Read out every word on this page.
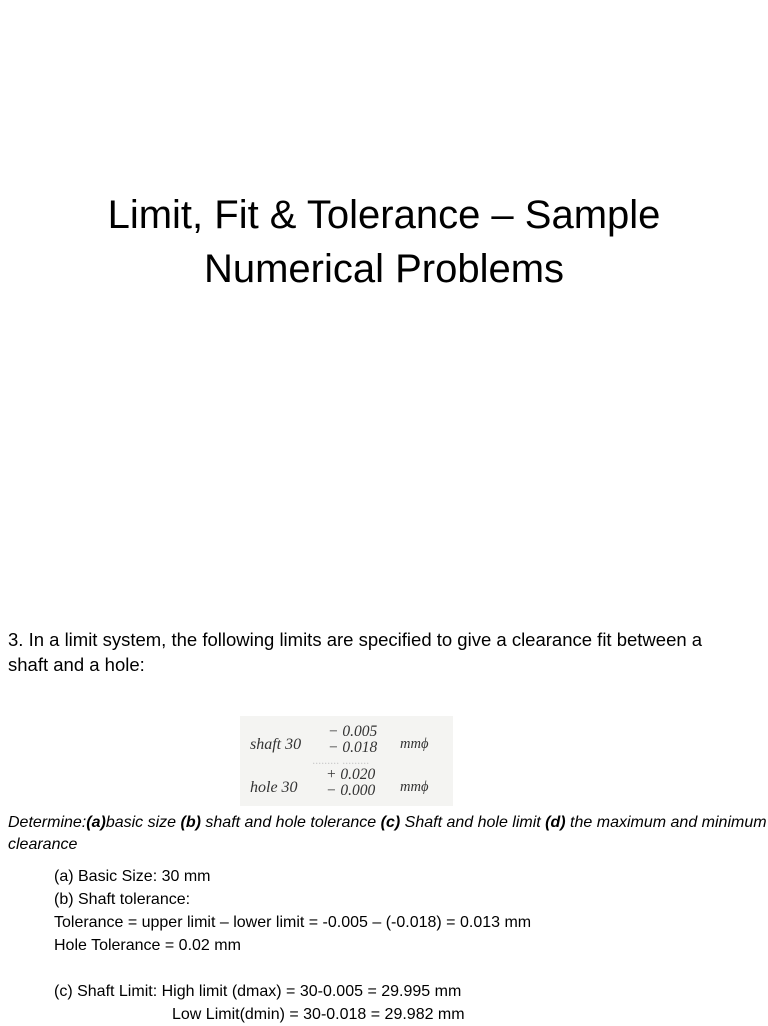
Limit, Fit & Tolerance – Sample
Numerical Problems
3. In a limit system, the following limits are specified to give a clearance fit between a
shaft and a hole:
shaft 30
− 0.005
− 0.018 mmϕ
········· ·········
hole 30
+ 0.020
− 0.000 mmϕ
Determine:(a)basic size (b) shaft and hole tolerance (c) Shaft and hole limit (d) the maximum and minimum clearance
(a) Basic Size: 30 mm
(b) Shaft tolerance:
Tolerance = upper limit – lower limit = -0.005 – (-0.018) = 0.013 mm
Hole Tolerance = 0.02 mm
(c) Shaft Limit: High limit (dmax) = 30-0.005 = 29.995 mm
Low Limit(dmin) = 30-0.018 = 29.982 mm
